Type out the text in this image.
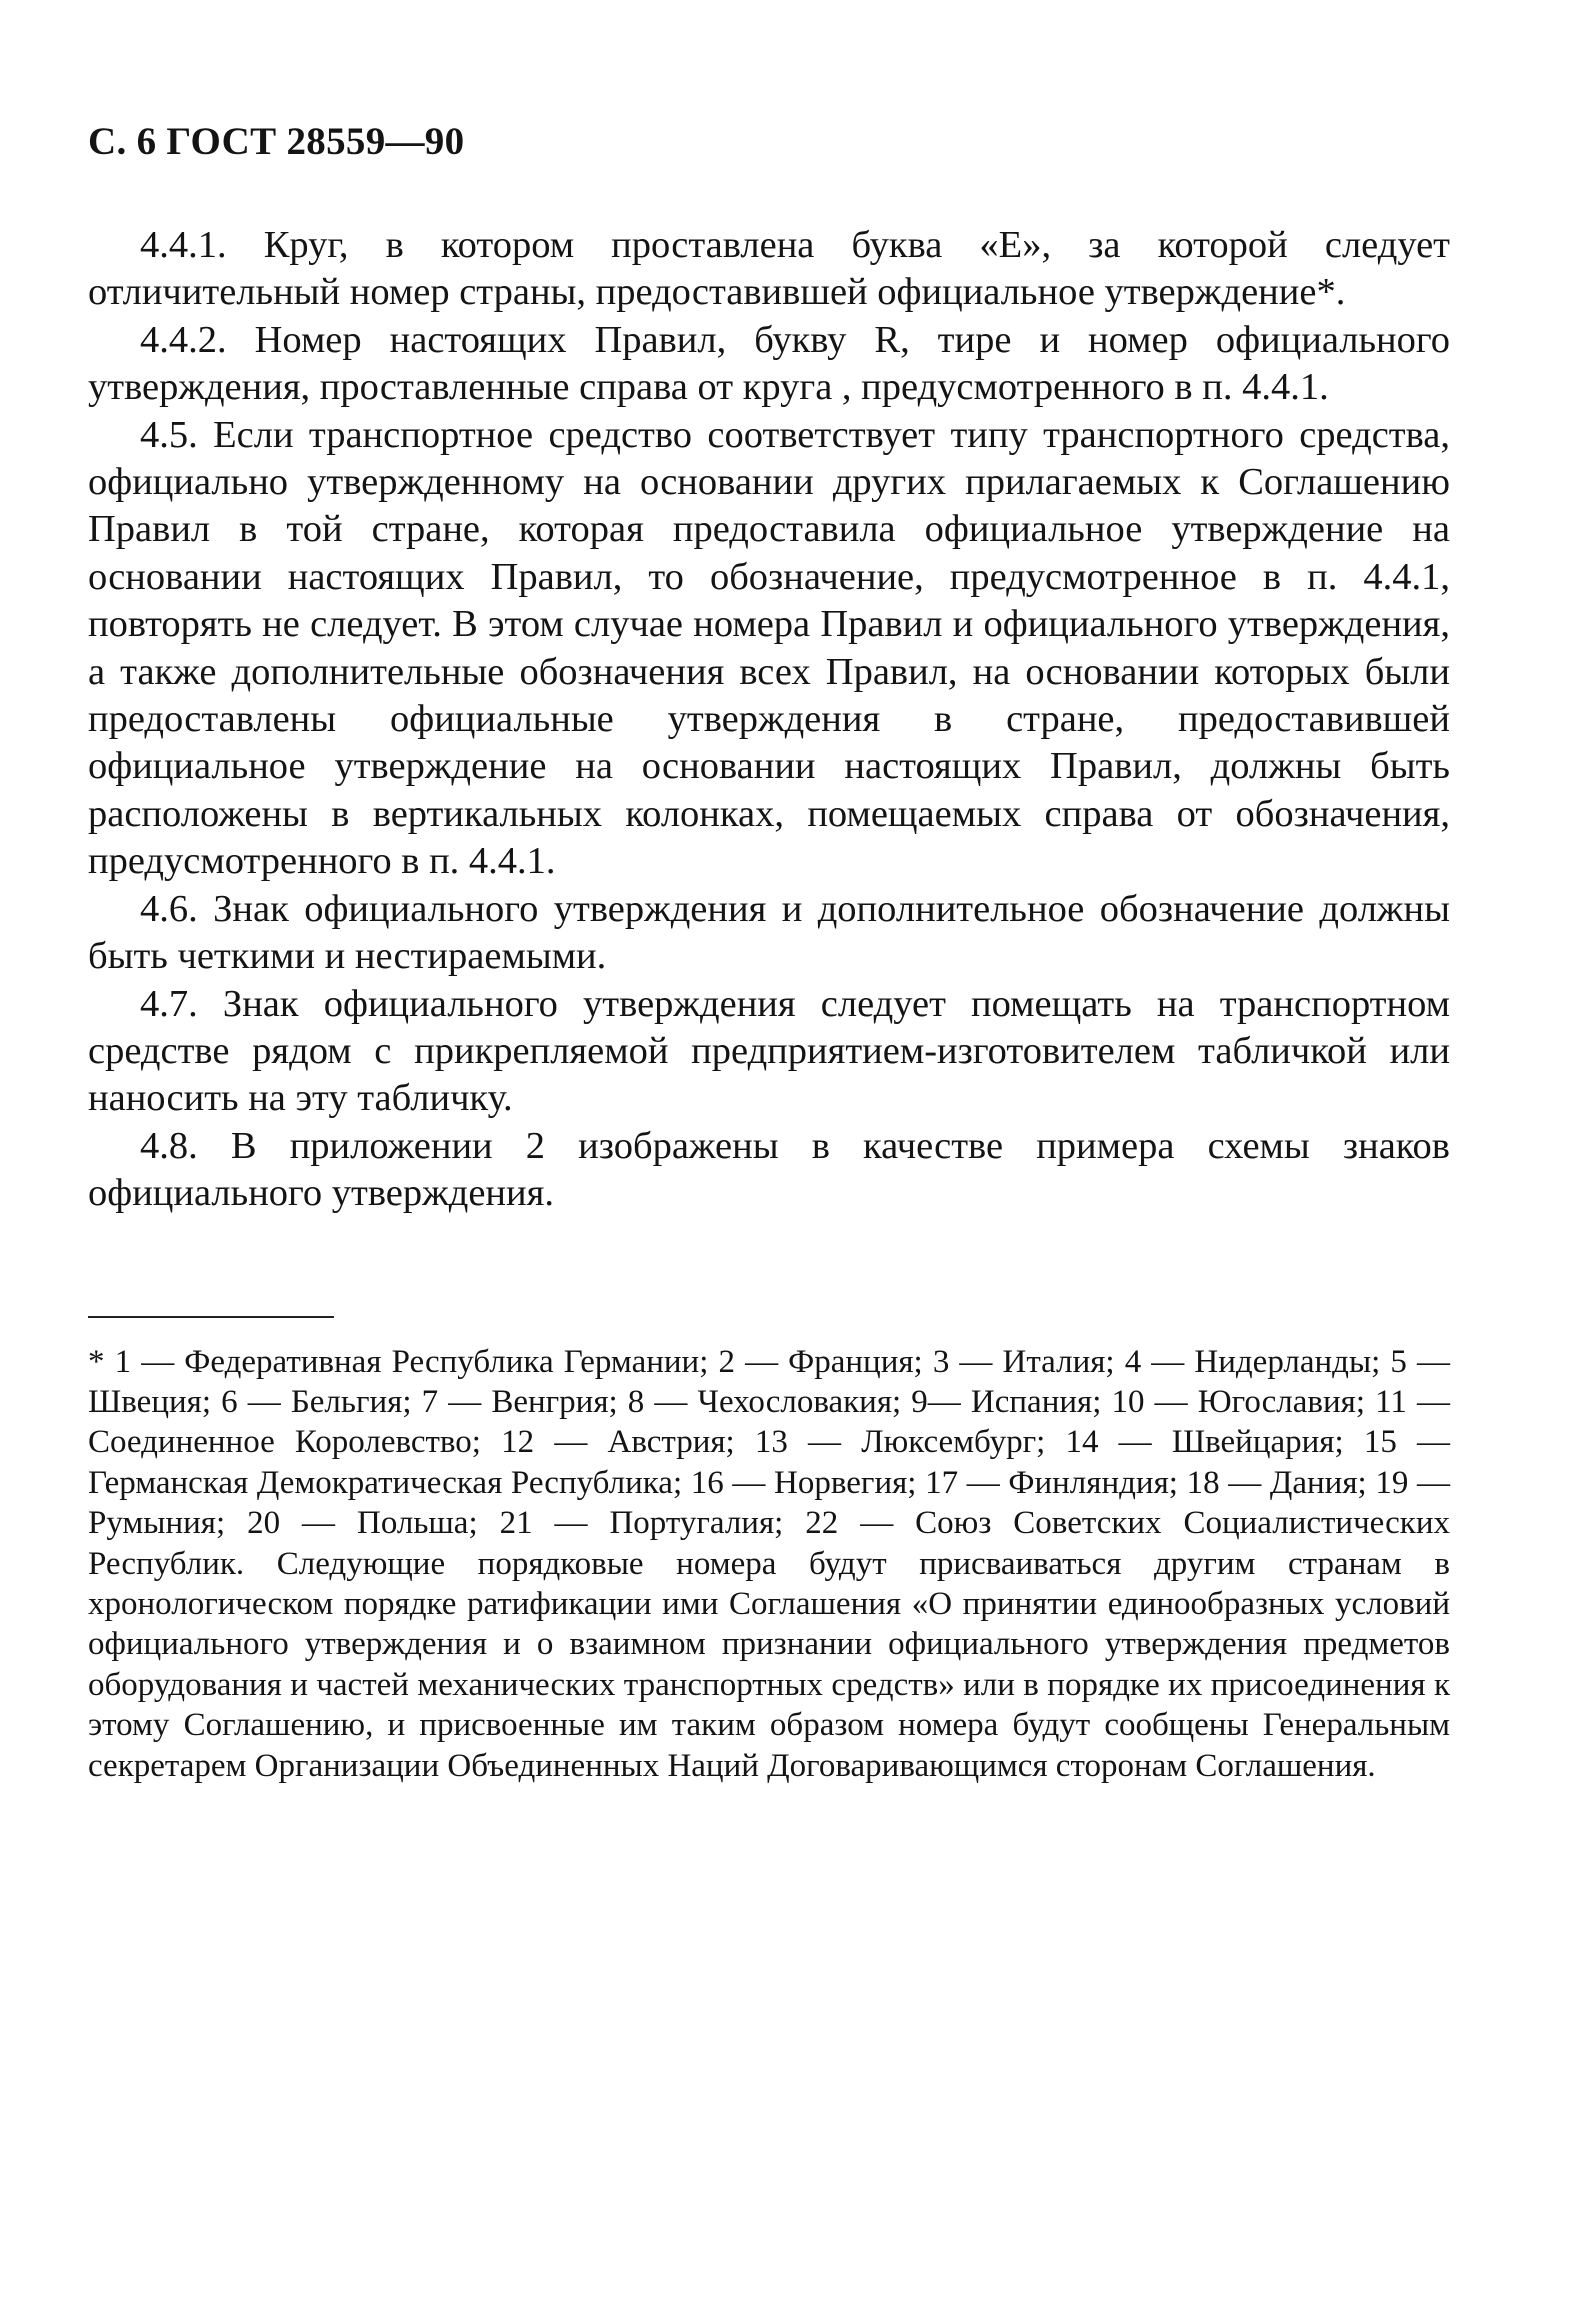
С. 6 ГОСТ 28559—90

4.4.1. Круг, в котором проставлена буква «Е», за которой следует отличительный номер страны, предоставившей официальное утверждение*.

4.4.2. Номер настоящих Правил, букву R, тире и номер официального утверждения, проставленные справа от круга , предусмотренного в п. 4.4.1.

4.5. Если транспортное средство соответствует типу транспортного средства, официально утвержденному на основании других прилагаемых к Соглашению Правил в той стране, которая предоставила официальное утверждение на основании настоящих Правил, то обозначение, предусмотренное в п. 4.4.1, повторять не следует. В этом случае номера Правил и официального утверждения, а также дополнительные обозначения всех Правил, на основании которых были предоставлены официальные утверждения в стране, предоставившей официальное утверждение на основании настоящих Правил, должны быть расположены в вертикальных колонках, помещаемых справа от обозначения, предусмотренного в п. 4.4.1.

4.6. Знак официального утверждения и дополнительное обозначение должны быть четкими и нестираемыми.

4.7. Знак официального утверждения следует помещать на транспортном средстве рядом с прикрепляемой предприятием-изготовителем табличкой или наносить на эту табличку.

4.8. В приложении 2 изображены в качестве примера схемы знаков официального утверждения.

* 1 — Федеративная Республика Германии; 2 — Франция; 3 — Италия; 4 — Нидерланды; 5 — Швеция; 6 — Бельгия; 7 — Венгрия; 8 — Чехословакия; 9— Испания; 10 — Югославия; 11 — Соединенное Королевство; 12 — Австрия; 13 — Люксембург; 14 — Швейцария; 15 — Германская Демократическая Республика; 16 — Норвегия; 17 — Финляндия; 18 — Дания; 19 — Румыния; 20 — Польша; 21 — Португалия; 22 — Союз Советских Социалистических Республик. Следующие порядковые номера будут присваиваться другим странам в хронологическом порядке ратификации ими Соглашения «О принятии единообразных условий официального утверждения и о взаимном признании официального утверждения предметов оборудования и частей механических транспортных средств» или в порядке их присоединения к этому Соглашению, и присвоенные им таким образом номера будут сообщены Генеральным секретарем Организации Объединенных Наций Договаривающимся сторонам Соглашения.
